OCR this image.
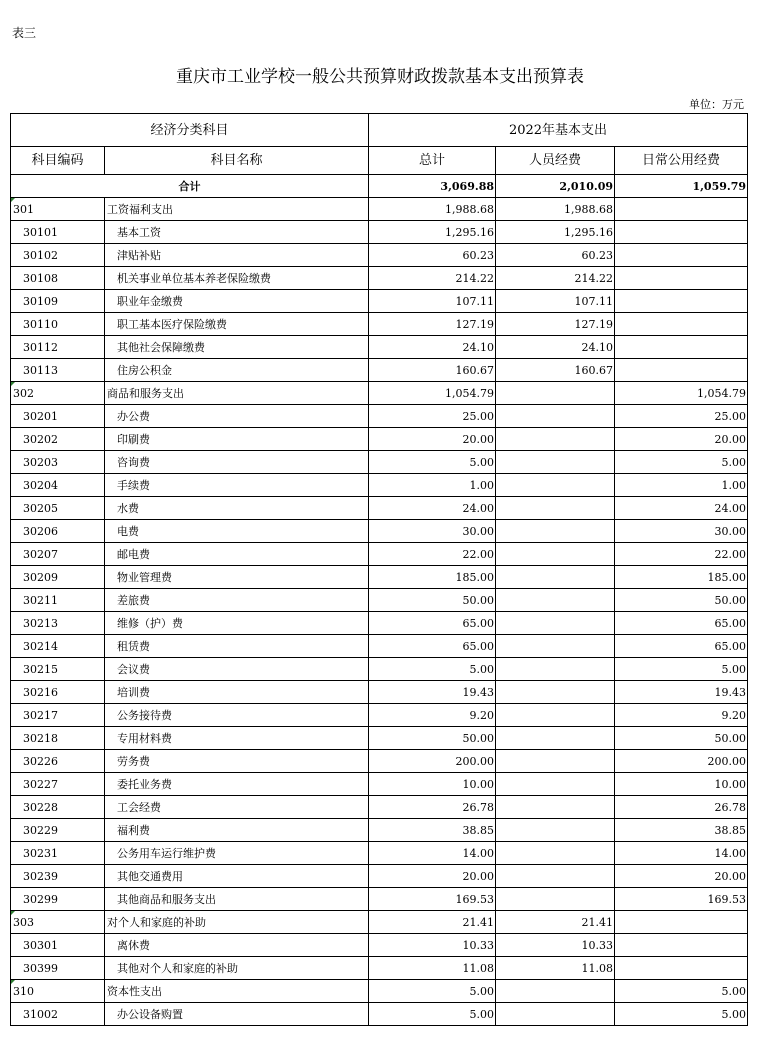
表三
重庆市工业学校一般公共预算财政拨款基本支出预算表
单位：万元
经济分类科目		2022年基本支出		
科目编码	科目名称	总计	人员经费	日常公用经费
合计		3,069.88	2,010.09	1,059.79
301	工资福利支出	1,988.68	1,988.68	
30101	基本工资	1,295.16	1,295.16	
30102	津贴补贴	60.23	60.23	
30108	机关事业单位基本养老保险缴费	214.22	214.22	
30109	职业年金缴费	107.11	107.11	
30110	职工基本医疗保险缴费	127.19	127.19	
30112	其他社会保障缴费	24.10	24.10	
30113	住房公积金	160.67	160.67	
302	商品和服务支出	1,054.79		1,054.79
30201	办公费	25.00		25.00
30202	印刷费	20.00		20.00
30203	咨询费	5.00		5.00
30204	手续费	1.00		1.00
30205	水费	24.00		24.00
30206	电费	30.00		30.00
30207	邮电费	22.00		22.00
30209	物业管理费	185.00		185.00
30211	差旅费	50.00		50.00
30213	维修（护）费	65.00		65.00
30214	租赁费	65.00		65.00
30215	会议费	5.00		5.00
30216	培训费	19.43		19.43
30217	公务接待费	9.20		9.20
30218	专用材料费	50.00		50.00
30226	劳务费	200.00		200.00
30227	委托业务费	10.00		10.00
30228	工会经费	26.78		26.78
30229	福利费	38.85		38.85
30231	公务用车运行维护费	14.00		14.00
30239	其他交通费用	20.00		20.00
30299	其他商品和服务支出	169.53		169.53
303	对个人和家庭的补助	21.41	21.41	
30301	离休费	10.33	10.33	
30399	其他对个人和家庭的补助	11.08	11.08	
310	资本性支出	5.00		5.00
31002	办公设备购置	5.00		5.00
